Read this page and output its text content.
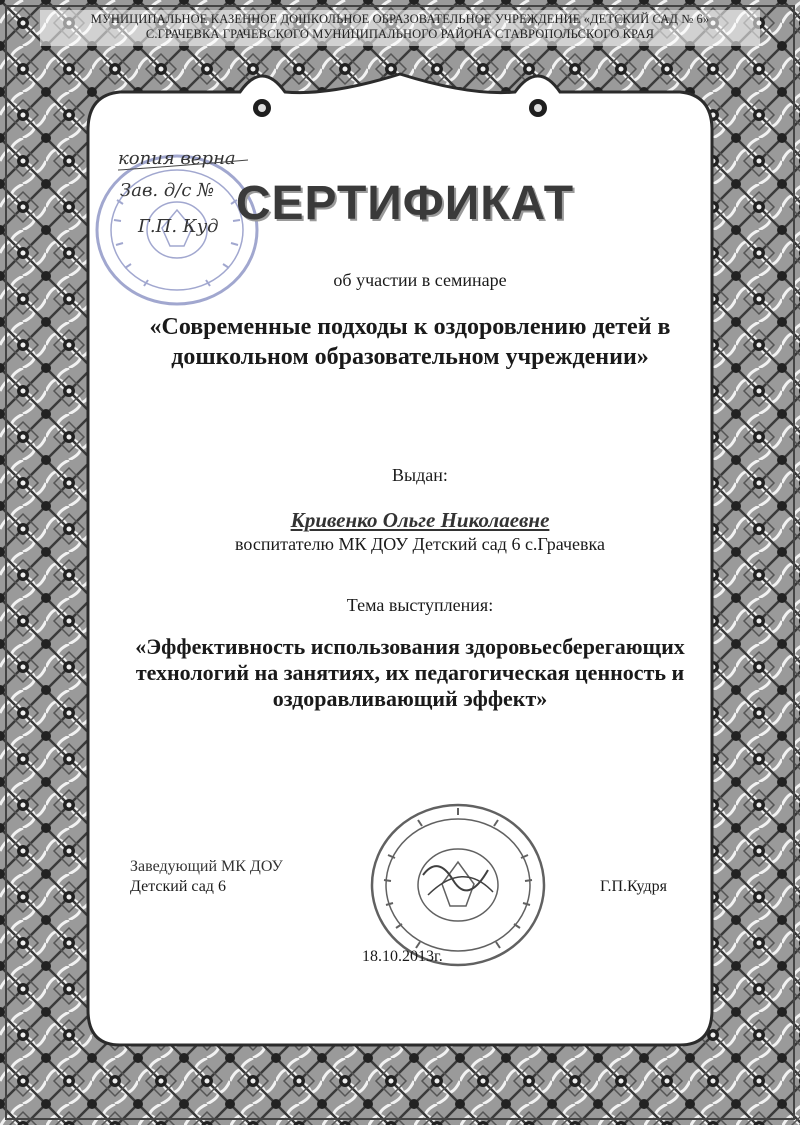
МУНИЦИПАЛЬНОЕ КАЗЕННОЕ ДОШКОЛЬНОЕ ОБРАЗОВАТЕЛЬНОЕ УЧРЕЖДЕНИЕ «ДЕТСКИЙ САД № 6»
С.ГРАЧЕВКА ГРАЧЕВСКОГО МУНИЦИПАЛЬНОГО РАЙОНА СТАВРОПОЛЬСКОГО КРАЯ
копия верна
Зав. д/с №
Г.П. Куд СЕРТИФИКАТ
об участии в семинаре
«Современные подходы к оздоровлению детей в дошкольном образовательном учреждении»
Выдан:
Кривенко Ольге Николаевне
воспитателю МК ДОУ Детский сад 6 с.Грачевка
Тема выступления:
«Эффективность использования здоровьесберегающих технологий на занятиях, их педагогическая ценность и оздоравливающий эффект»
Заведующий МК ДОУ
Детский сад 6	Г.П.Кудря
18.10.2013г.
